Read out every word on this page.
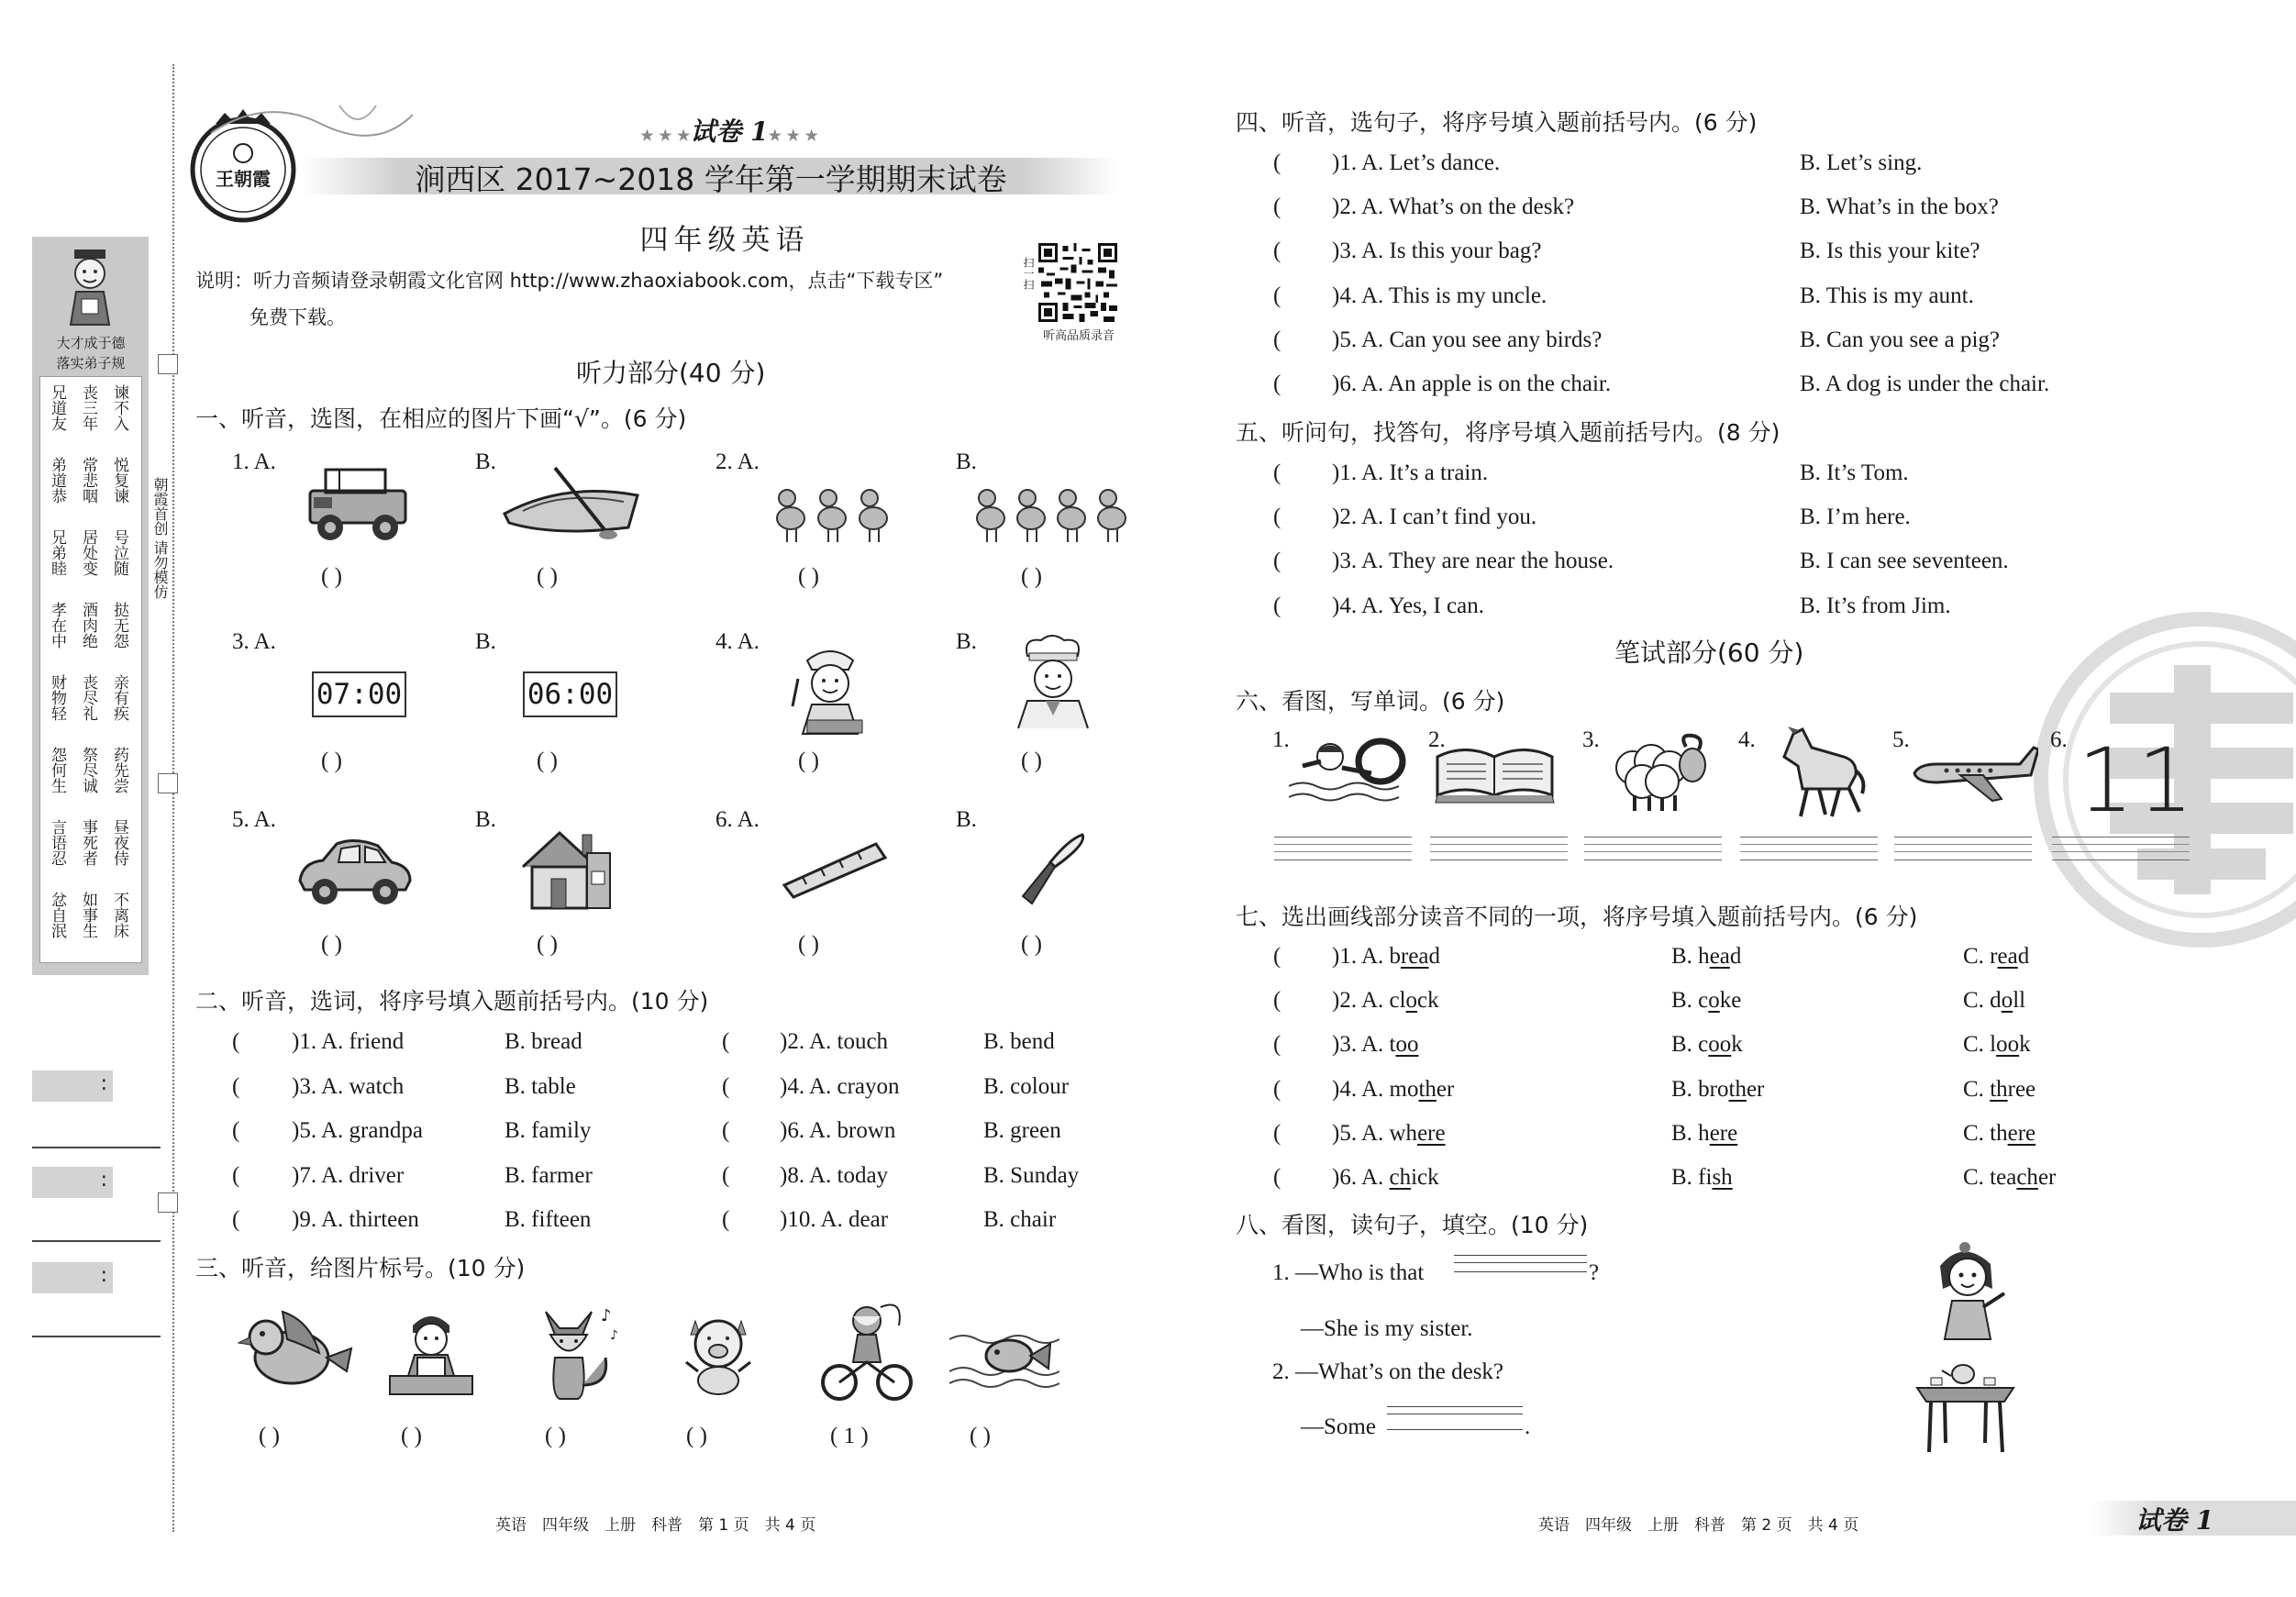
大才成于德
落实弟子规
兄道友 丧三年 谏不入
弟道恭 常悲咽 悦复谏
兄弟睦 居处变 号泣随
孝在中 酒肉绝 挞无怨
财物轻 丧尽礼 亲有疾
怨何生 祭尽诚 药先尝
言语忍 事死者 昼夜侍
忿自泯 如事生 不离床
朝霞首创 请勿模仿
:
:
:
王朝霞
★ ★ ★试卷 1★ ★ ★
涧西区 2017~2018 学年第一学期期末试卷
四年级英语
说明：听力音频请登录朝霞文化官网 http://www.zhaoxiabook.com，点击“下载专区”
免费下载。
扫一扫
听高品质录音
听力部分(40 分)
一、听音，选图，在相应的图片下画“√”。(6 分)
1. A.
( )
B.
( )
2. A.
( )
B.
( )
3. A.
07:00
( )
B.
06:00
( )
4. A.
( )
B.
( )
5. A.
( )
B.
( )
6. A.
( )
B.
( )
二、听音，选词，将序号填入题前括号内。(10 分)
( )1. A. friend	B. bread	( )2. A. touch	B. bend
( )3. A. watch	B. table	( )4. A. crayon	B. colour
( )5. A. grandpa	B. family	( )6. A. brown	B. green
( )7. A. driver	B. farmer	( )8. A. today	B. Sunday
( )9. A. thirteen	B. fifteen	( )10. A. dear	B. chair
三、听音，给图片标号。(10 分)
♪
♪
( )	( )	( )	( )	( 1 )	( )
英语　四年级　上册　科普　第 1 页　共 4 页
四、听音，选句子，将序号填入题前括号内。(6 分)
( )1. A. Let’s dance.	B. Let’s sing.
( )2. A. What’s on the desk?	B. What’s in the box?
( )3. A. Is this your bag?	B. Is this your kite?
( )4. A. This is my uncle.	B. This is my aunt.
( )5. A. Can you see any birds?	B. Can you see a pig?
( )6. A. An apple is on the chair.	B. A dog is under the chair.
五、听问句，找答句，将序号填入题前括号内。(8 分)
( )1. A. It’s a train.	B. It’s Tom.
( )2. A. I can’t find you.	B. I’m here.
( )3. A. They are near the house.	B. I can see seventeen.
( )4. A. Yes, I can.	B. It’s from Jim.
笔试部分(60 分)
六、看图，写单词。(6 分)
1.	2.	3.	4.	5.	6. 11
七、选出画线部分读音不同的一项，将序号填入题前括号内。(6 分)
( )1. A. bread	B. head	C. read
( )2. A. clock	B. coke	C. doll
( )3. A. too	B. cook	C. look
( )4. A. mother	B. brother	C. three
( )5. A. where	B. here	C. there
( )6. A. chick	B. fish	C. teacher
八、看图，读句子，填空。(10 分)
1. —Who is that	?
—She is my sister.
2. —What’s on the desk?
—Some	.
英语　四年级　上册　科普　第 2 页　共 4 页	试卷 1
